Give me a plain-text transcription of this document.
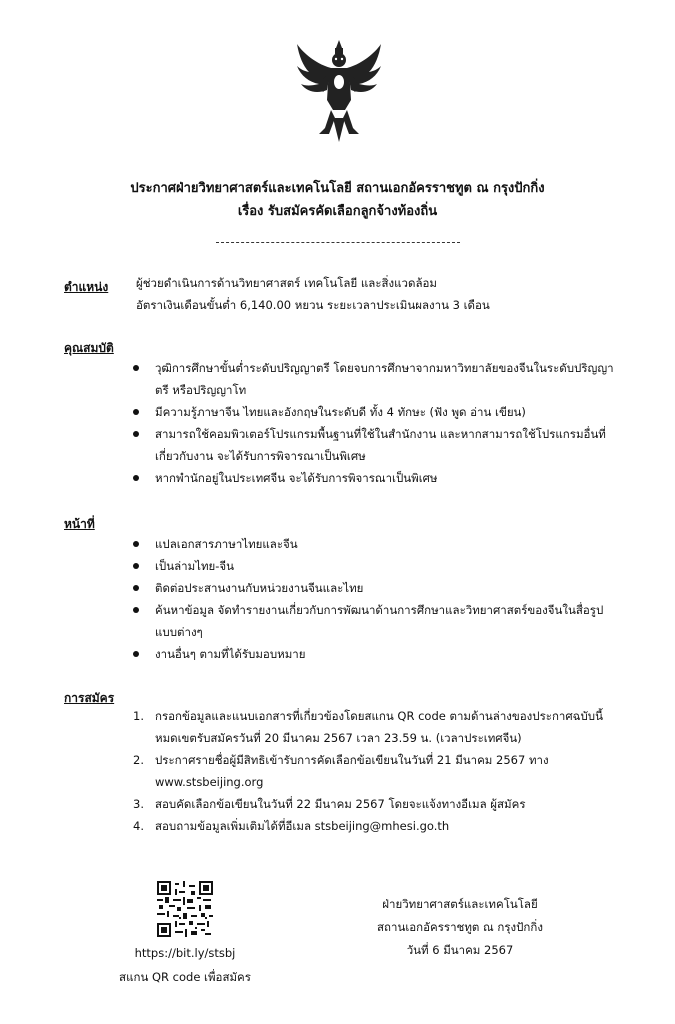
ประกาศฝ่ายวิทยาศาสตร์และเทคโนโลยี สถานเอกอัครราชทูต ณ กรุงปักกิ่ง
เรื่อง รับสมัครคัดเลือกลูกจ้างท้องถิ่น
ตำแหน่ง ผู้ช่วยดำเนินการด้านวิทยาศาสตร์ เทคโนโลยี และสิ่งแวดล้อม
อัตราเงินเดือนขั้นต่ำ 6,140.00 หยวน ระยะเวลาประเมินผลงาน 3 เดือน
คุณสมบัติ
วุฒิการศึกษาขั้นต่ำระดับปริญญาตรี โดยจบการศึกษาจากมหาวิทยาลัยของจีนในระดับปริญญาตรี หรือปริญญาโท
มีความรู้ภาษาจีน ไทยและอังกฤษในระดับดี ทั้ง 4 ทักษะ (ฟัง พูด อ่าน เขียน)
สามารถใช้คอมพิวเตอร์โปรแกรมพื้นฐานที่ใช้ในสำนักงาน และหากสามารถใช้โปรแกรมอื่นที่เกี่ยวกับงาน จะได้รับการพิจารณาเป็นพิเศษ
หากพำนักอยู่ในประเทศจีน จะได้รับการพิจารณาเป็นพิเศษ
หน้าที่
แปลเอกสารภาษาไทยและจีน
เป็นล่ามไทย-จีน
ติดต่อประสานงานกับหน่วยงานจีนและไทย
ค้นหาข้อมูล จัดทำรายงานเกี่ยวกับการพัฒนาด้านการศึกษาและวิทยาศาสตร์ของจีนในสื่อรูปแบบต่างๆ
งานอื่นๆ ตามที่ได้รับมอบหมาย
การสมัคร
1. กรอกข้อมูลและแนบเอกสารที่เกี่ยวข้องโดยสแกน QR code ตามด้านล่างของประกาศฉบับนี้ หมดเขตรับสมัครวันที่ 20 มีนาคม 2567 เวลา 23.59 น. (เวลาประเทศจีน)
2. ประกาศรายชื่อผู้มีสิทธิเข้ารับการคัดเลือกข้อเขียนในวันที่ 21 มีนาคม 2567 ทาง www.stsbeijing.org
3. สอบคัดเลือกข้อเขียนในวันที่ 22 มีนาคม 2567 โดยจะแจ้งทางอีเมล ผู้สมัคร
4. สอบถามข้อมูลเพิ่มเติมได้ที่อีเมล stsbeijing@mhesi.go.th
https://bit.ly/stsbj
สแกน QR code เพื่อสมัคร
ฝ่ายวิทยาศาสตร์และเทคโนโลยี
สถานเอกอัครราชทูต ณ กรุงปักกิ่ง
วันที่ 6 มีนาคม 2567
